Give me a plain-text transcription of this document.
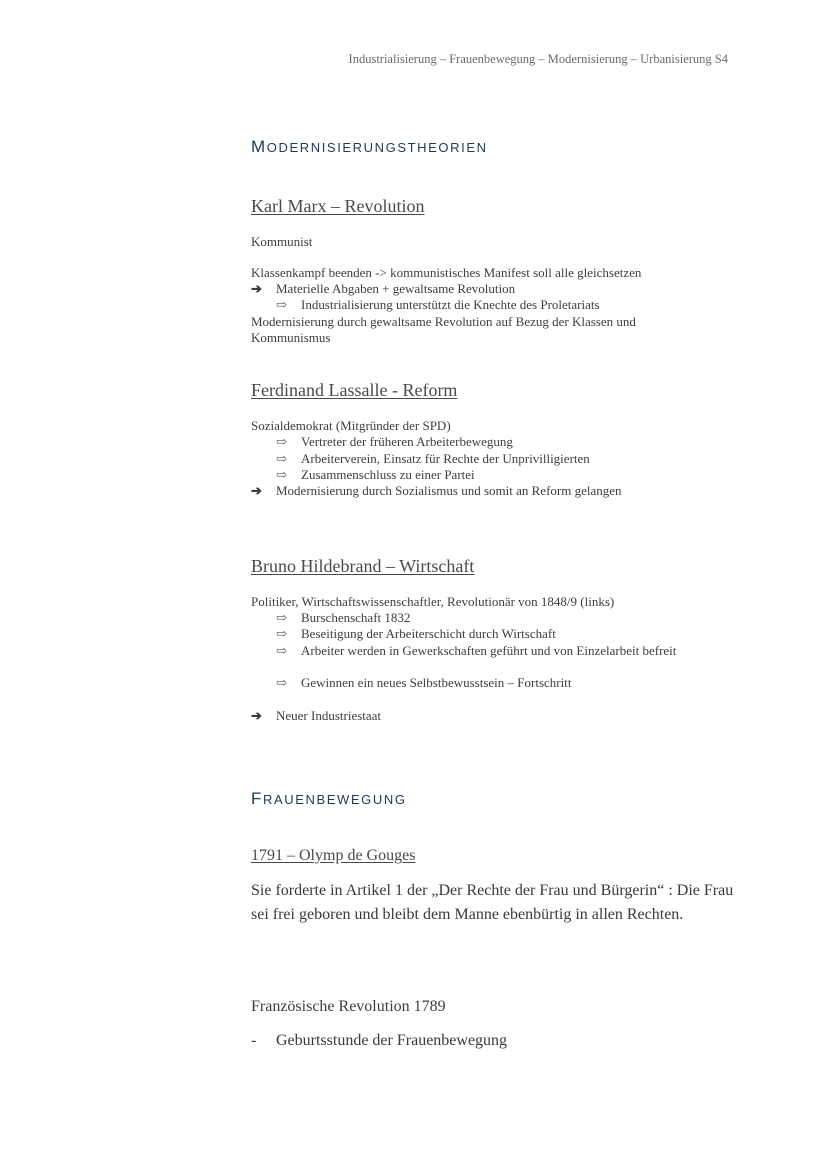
Industrialisierung – Frauenbewegung – Modernisierung – Urbanisierung S4
MODERNISIERUNGSTHEORIEN
Karl Marx – Revolution
Kommunist
Klassenkampf beenden -> kommunistisches Manifest soll alle gleichsetzen
➔	Materielle Abgaben + gewaltsame Revolution
⇨	Industrialisierung unterstützt die Knechte des Proletariats
Modernisierung durch gewaltsame Revolution auf Bezug der Klassen und
Kommunismus
Ferdinand Lassalle - Reform
Sozialdemokrat (Mitgründer der SPD)
⇨	Vertreter der früheren Arbeiterbewegung
⇨	Arbeiterverein, Einsatz für Rechte der Unprivilligierten
⇨	Zusammenschluss zu einer Partei
➔	Modernisierung durch Sozialismus und somit an Reform gelangen
Bruno Hildebrand – Wirtschaft
Politiker, Wirtschaftswissenschaftler, Revolutionär von 1848/9 (links)
⇨	Burschenschaft 1832
⇨	Beseitigung der Arbeiterschicht durch Wirtschaft
⇨	Arbeiter werden in Gewerkschaften geführt und von Einzelarbeit befreit
⇨	Gewinnen ein neues Selbstbewusstsein – Fortschritt
➔	Neuer Industriestaat
FRAUENBEWEGUNG
1791 – Olymp de Gouges
Sie forderte in Artikel 1 der „Der Rechte der Frau und Bürgerin“ : Die Frau sei frei geboren und bleibt dem Manne ebenbürtig in allen Rechten.
Französische Revolution 1789
-	Geburtsstunde der Frauenbewegung
